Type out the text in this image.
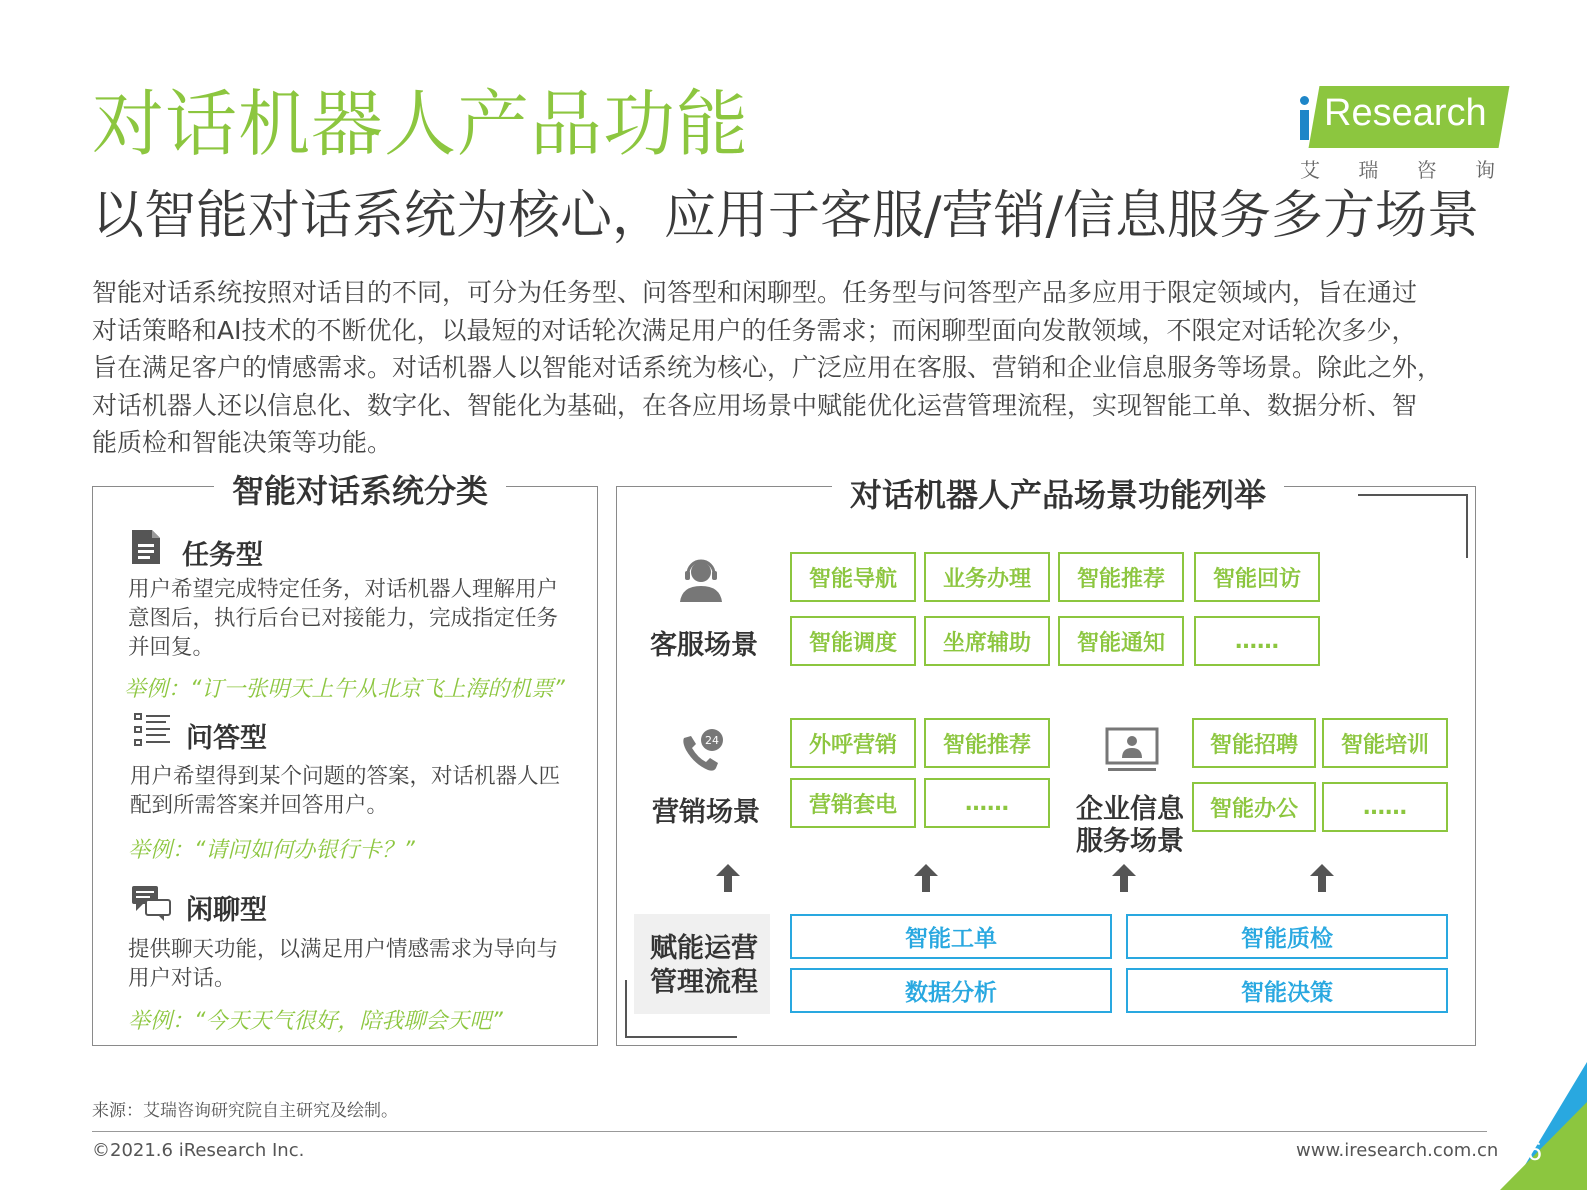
对话机器人产品功能
以智能对话系统为核心，应用于客服/营销/信息服务多方场景
Research
艾 瑞 咨 询
智能对话系统按照对话目的不同，可分为任务型、问答型和闲聊型。任务型与问答型产品多应用于限定领域内，旨在通过
对话策略和AI技术的不断优化，以最短的对话轮次满足用户的任务需求；而闲聊型面向发散领域，不限定对话轮次多少，
旨在满足客户的情感需求。对话机器人以智能对话系统为核心，广泛应用在客服、营销和企业信息服务等场景。除此之外，
对话机器人还以信息化、数字化、智能化为基础，在各应用场景中赋能优化运营管理流程，实现智能工单、数据分析、智
能质检和智能决策等功能。
智能对话系统分类
任务型
用户希望完成特定任务，对话机器人理解用户
意图后，执行后台已对接能力，完成指定任务
并回复。
举例：“订一张明天上午从北京飞上海的机票”
问答型
用户希望得到某个问题的答案，对话机器人匹
配到所需答案并回答用户。
举例：“请问如何办银行卡？”
闲聊型
提供聊天功能，以满足用户情感需求为导向与
用户对话。
举例：“今天天气很好，陪我聊会天吧”
对话机器人产品场景功能列举
客服场景
智能导航	业务办理	智能推荐	智能回访
智能调度	坐席辅助	智能通知	……
24
营销场景
外呼营销	智能推荐
营销套电	……	企业信息
服务场景
智能招聘	智能培训
智能办公	……
赋能运营
管理流程
智能工单	智能质检
数据分析	智能决策
来源：艾瑞咨询研究院自主研究及绘制。
©2021.6 iResearch Inc.	www.iresearch.com.cn 6
